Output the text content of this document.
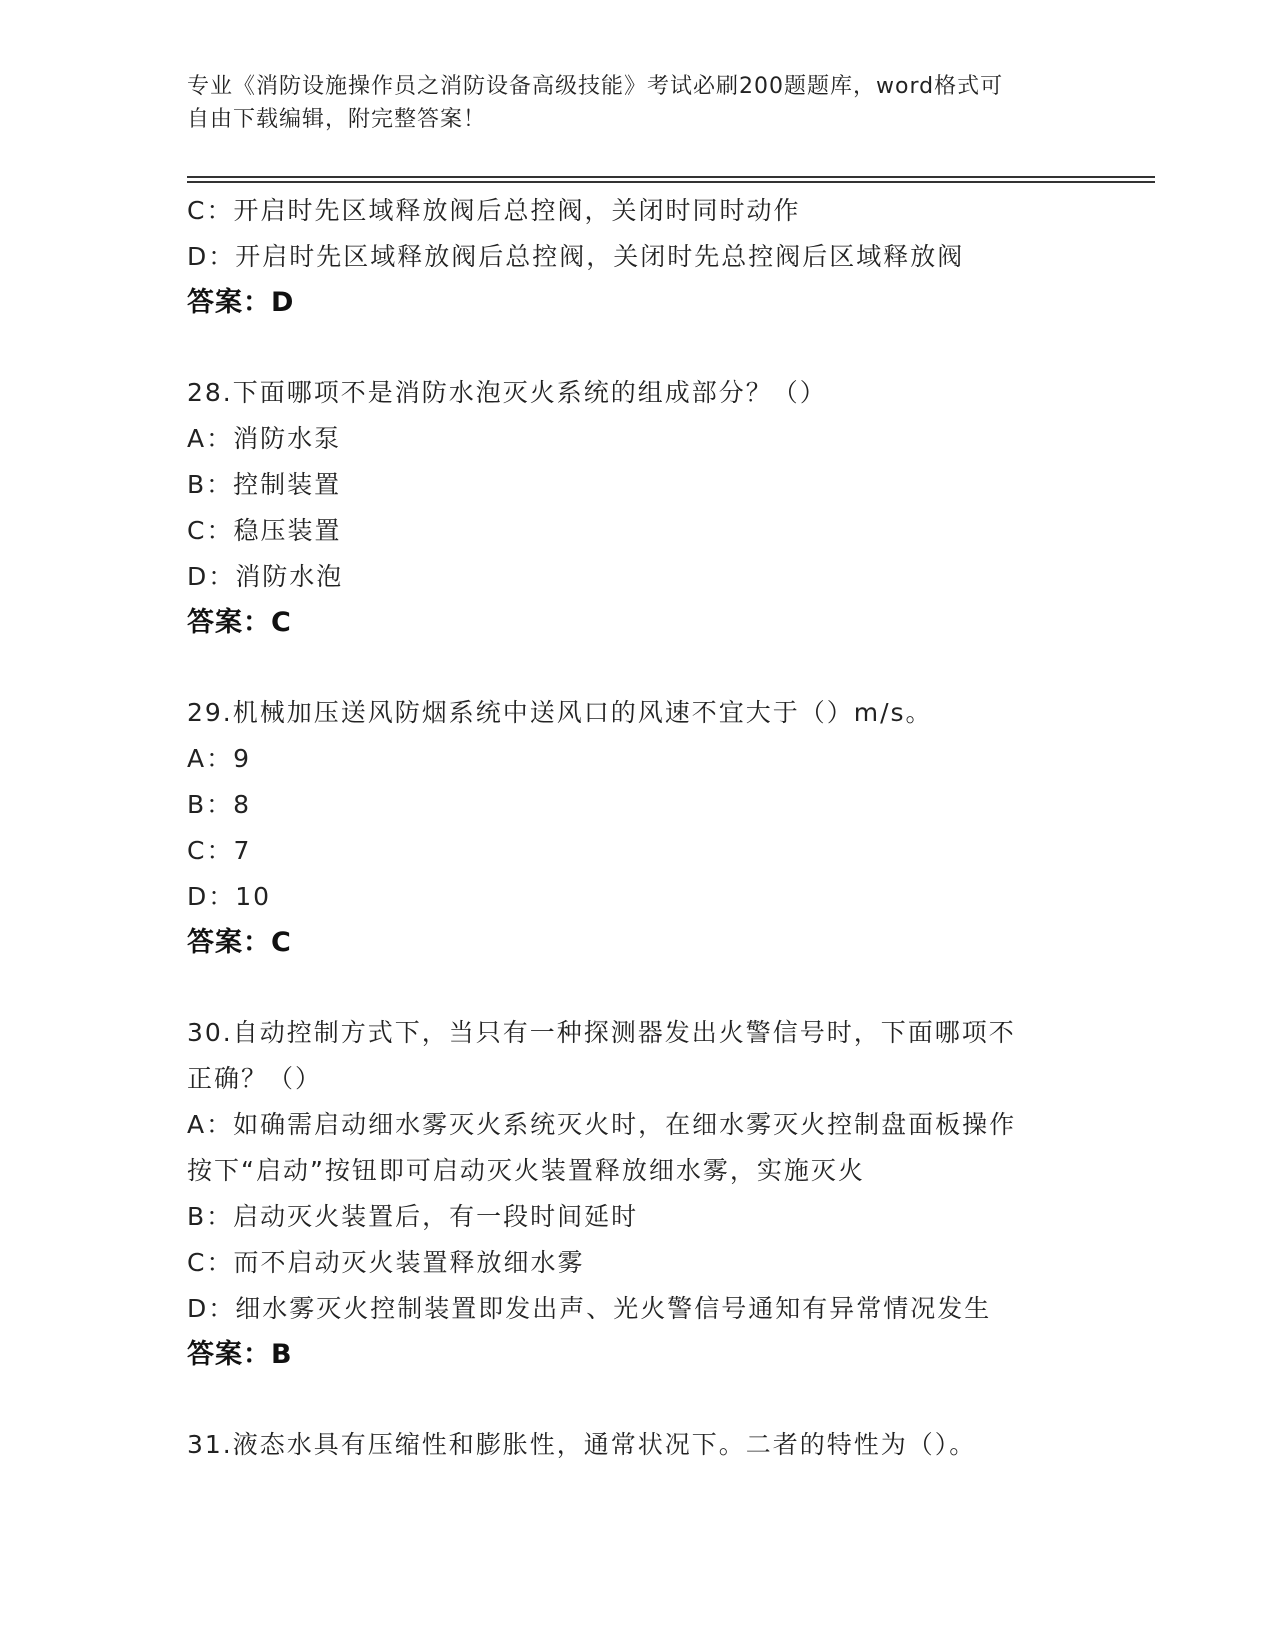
专业《消防设施操作员之消防设备高级技能》考试必刷200题题库，word格式可
自由下载编辑，附完整答案！
C：开启时先区域释放阀后总控阀，关闭时同时动作
D：开启时先区域释放阀后总控阀，关闭时先总控阀后区域释放阀
答案：D
28.下面哪项不是消防水泡灭火系统的组成部分？（）
A：消防水泵
B：控制装置
C：稳压装置
D：消防水泡
答案：C
29.机械加压送风防烟系统中送风口的风速不宜大于（）m/s。
A：9
B：8
C：7
D：10
答案：C
30.自动控制方式下，当只有一种探测器发出火警信号时，下面哪项不
正确？（）
A：如确需启动细水雾灭火系统灭火时，在细水雾灭火控制盘面板操作
按下“启动”按钮即可启动灭火装置释放细水雾，实施灭火
B：启动灭火装置后，有一段时间延时
C：而不启动灭火装置释放细水雾
D：细水雾灭火控制装置即发出声、光火警信号通知有异常情况发生
答案：B
31.液态水具有压缩性和膨胀性，通常状况下。二者的特性为（）。
